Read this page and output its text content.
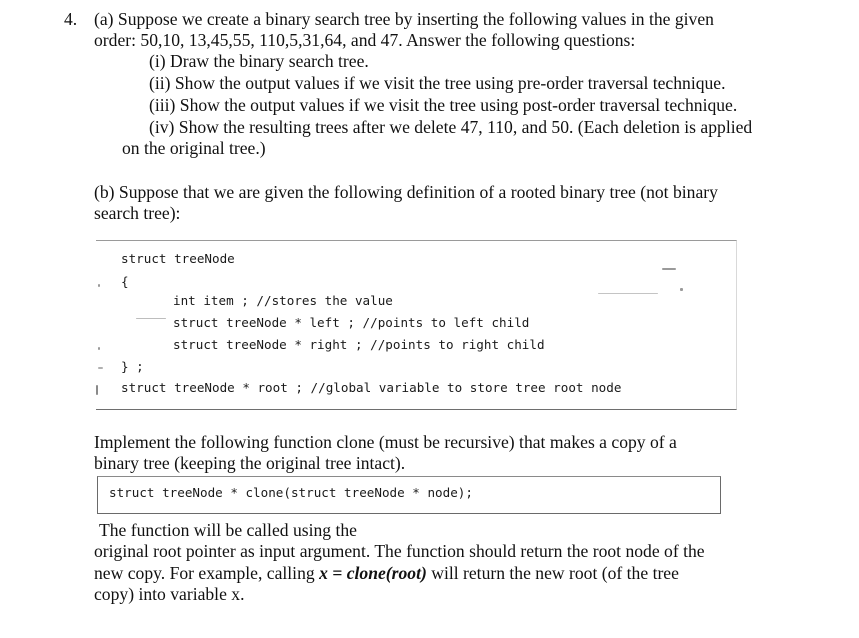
4. (a) Suppose we create a binary search tree by inserting the following values in the given
order: 50,10, 13,45,55, 110,5,31,64, and 47. Answer the following questions:
(i) Draw the binary search tree.
(ii) Show the output values if we visit the tree using pre-order traversal technique.
(iii) Show the output values if we visit the tree using post-order traversal technique.
(iv) Show the resulting trees after we delete 47, 110, and 50. (Each deletion is applied
on the original tree.)
(b) Suppose that we are given the following definition of a rooted binary tree (not binary
search tree):
struct treeNode
{
int item ; //stores the value
struct treeNode * left ; //points to left child
struct treeNode * right ; //points to right child
} ;
struct treeNode * root ; //global variable to store tree root node
Implement the following function clone (must be recursive) that makes a copy of a
binary tree (keeping the original tree intact).
struct treeNode * clone(struct treeNode * node);
The function will be called using the
original root pointer as input argument. The function should return the root node of the
new copy. For example, calling x = clone(root) will return the new root (of the tree
copy) into variable x.
